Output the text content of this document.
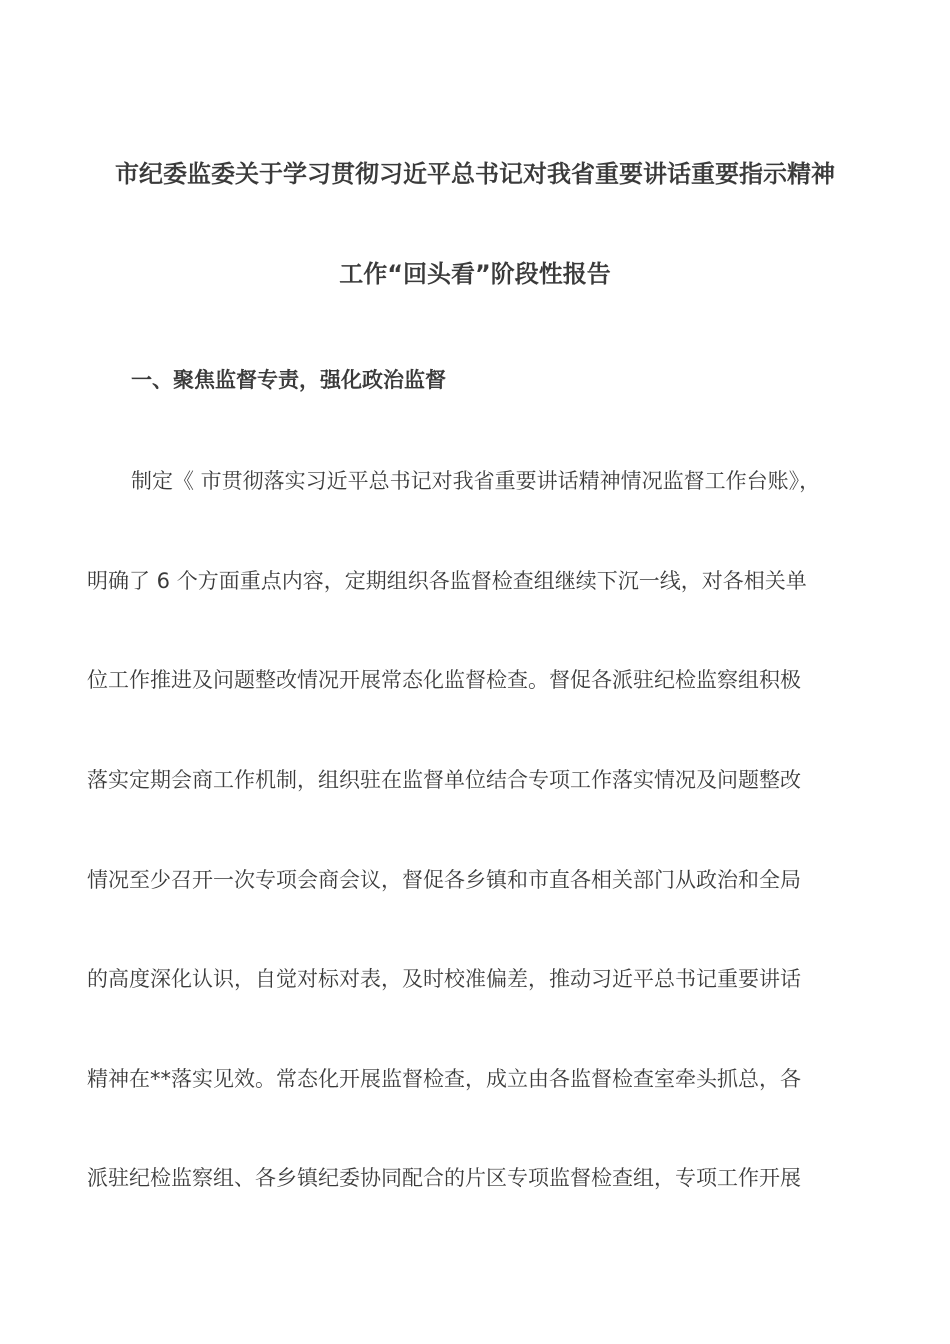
市纪委监委关于学习贯彻习近平总书记对我省重要讲话重要指示精神
工作“回头看”阶段性报告
一、聚焦监督专责，强化政治监督
制定《 市贯彻落实习近平总书记对我省重要讲话精神情况监督工作台账》，
明确了 6 个方面重点内容，定期组织各监督检查组继续下沉一线，对各相关单
位工作推进及问题整改情况开展常态化监督检查。督促各派驻纪检监察组积极
落实定期会商工作机制，组织驻在监督单位结合专项工作落实情况及问题整改
情况至少召开一次专项会商会议，督促各乡镇和市直各相关部门从政治和全局
的高度深化认识，自觉对标对表，及时校准偏差，推动习近平总书记重要讲话
精神在**落实见效。常态化开展监督检查，成立由各监督检查室牵头抓总，各
派驻纪检监察组、各乡镇纪委协同配合的片区专项监督检查组，专项工作开展
